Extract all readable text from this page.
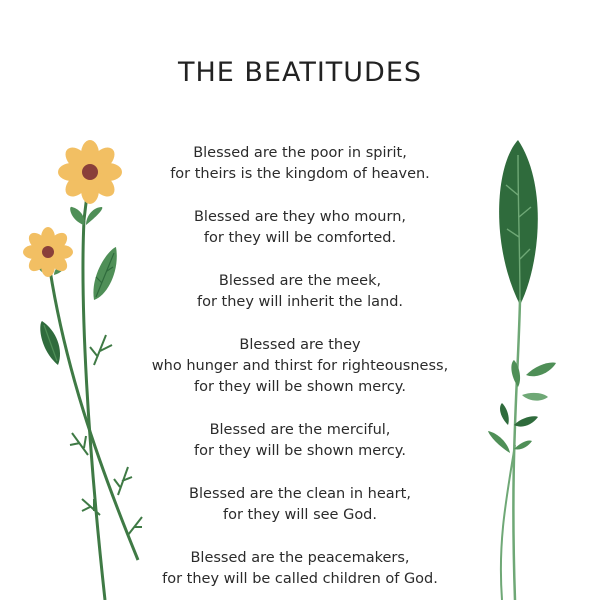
THE BEATITUDES

Blessed are the poor in spirit,
for theirs is the kingdom of heaven.

Blessed are they who mourn,
for they will be comforted.

Blessed are the meek,
for they will inherit the land.

Blessed are they
who hunger and thirst for righteousness,
for they will be shown mercy.

Blessed are the merciful,
for they will be shown mercy.

Blessed are the clean in heart,
for they will see God.

Blessed are the peacemakers,
for they will be called children of God.
